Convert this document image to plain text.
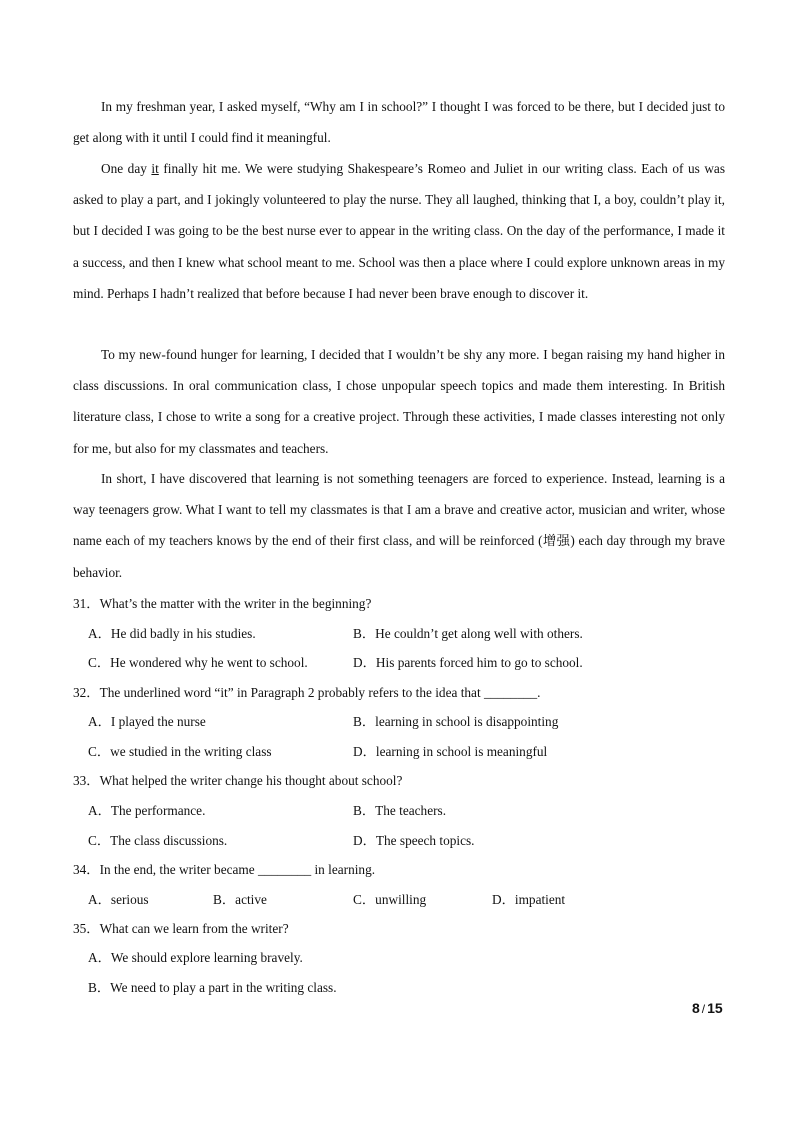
In my freshman year, I asked myself, “Why am I in school?” I thought I was forced to be there, but I decided just to get along with it until I could find it meaningful.

One day it finally hit me. We were studying Shakespeare’s Romeo and Juliet in our writing class. Each of us was asked to play a part, and I jokingly volunteered to play the nurse. They all laughed, thinking that I, a boy, couldn’t play it, but I decided I was going to be the best nurse ever to appear in the writing class. On the day of the performance, I made it a success, and then I knew what school meant to me. School was then a place where I could explore unknown areas in my mind. Perhaps I hadn’t realized that before because I had never been brave enough to discover it.

To my new-found hunger for learning, I decided that I wouldn’t be shy any more. I began raising my hand higher in class discussions. In oral communication class, I chose unpopular speech topics and made them interesting. In British literature class, I chose to write a song for a creative project. Through these activities, I made classes interesting not only for me, but also for my classmates and teachers.

In short, I have discovered that learning is not something teenagers are forced to experience. Instead, learning is a way teenagers grow. What I want to tell my classmates is that I am a brave and creative actor, musician and writer, whose name each of my teachers knows by the end of their first class, and will be reinforced (增强) each day through my brave behavior.

31．What’s the matter with the writer in the beginning?
A．He did badly in his studies.	B．He couldn’t get along well with others.
C．He wondered why he went to school.	D．His parents forced him to go to school.
32．The underlined word “it” in Paragraph 2 probably refers to the idea that ________.
A．I played the nurse	B．learning in school is disappointing
C．we studied in the writing class	D．learning in school is meaningful
33．What helped the writer change his thought about school?
A．The performance.	B．The teachers.
C．The class discussions.	D．The speech topics.
34．In the end, the writer became ________ in learning.
A．serious	B．active	C．unwilling	D．impatient
35．What can we learn from the writer?
A．We should explore learning bravely.
B．We need to play a part in the writing class.
8 / 15
